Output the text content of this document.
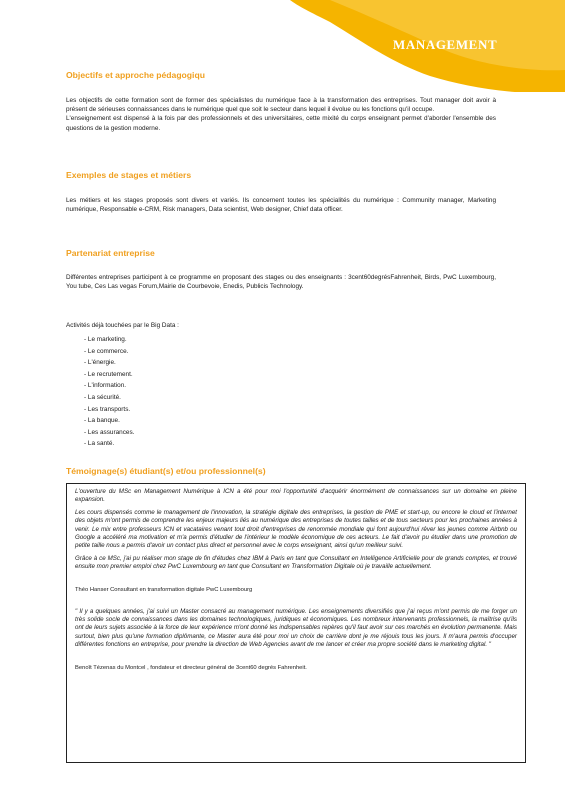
MANAGEMENT
Objectifs et approche pédagogiqu

Les objectifs de cette formation sont de former des spécialistes du numérique face à la transformation des entreprises. Tout manager doit avoir à présent de sérieuses connaissances dans le numérique quel que soit le secteur dans lequel il évolue ou les fonctions qu'il occupe.

L'enseignement est dispensé à la fois par des professionnels et des universitaires, cette mixité du corps enseignant permet d'aborder l'ensemble des questions de la gestion moderne.

Exemples de stages et métiers

Les métiers et les stages proposés sont divers et variés. Ils concernent toutes les spécialités du numérique : Community manager, Marketing numérique, Responsable e-CRM, Risk managers, Data scientist, Web designer, Chief data officer.

Partenariat entreprise

Différentes entreprises participent à ce programme en proposant des stages ou des enseignants : 3cent60degrésFahrenheit, Birds, PwC Luxembourg, You tube, Ces Las vegas Forum,Mairie de Courbevoie, Enedis, Publicis Technology.

Activités déjà touchées par le Big Data :
- Le marketing.
- Le commerce.
- L'énergie.
- Le recrutement.
- L'information.
- La sécurité.
- Les transports.
- La banque.
- Les assurances.
- La santé.
Témoignage(s) étudiant(s) et/ou professionnel(s)

L'ouverture du MSc en Management Numérique à ICN a été pour moi l'opportunité d'acquérir énormément de connaissances sur un domaine en pleine expansion.

Les cours dispensés comme le management de l'innovation, la stratégie digitale des entreprises, la gestion de PME et start-up, ou encore le cloud et l'internet des objets m'ont permis de comprendre les enjeux majeurs liés au numérique des entreprises de toutes tailles et de tous secteurs pour les prochaines années à venir. Le mix entre professeurs ICN et vacataires venant tout droit d'entreprises de renommée mondiale qui font aujourd'hui rêver les jeunes comme Airbnb ou Google a accéléré ma motivation et m'a permis d'étudier de l'intérieur le modèle économique de ces acteurs. Le fait d'avoir pu étudier dans une promotion de petite taille nous a permis d'avoir un contact plus direct et personnel avec le corps enseignant, ainsi qu'un meilleur suivi.

Grâce à ce MSc, j'ai pu réaliser mon stage de fin d'études chez IBM à Paris en tant que Consultant en Intelligence Artificielle pour de grands comptes, et trouvé ensuite mon premier emploi chez PwC Luxembourg en tant que Consultant en Transformation Digitale où je travaille actuellement.

Théo Hanser Consultant en transformation digitale PwC Luxembourg

" Il y a quelques années, j'ai suivi un Master consacré au management numérique. Les enseignements diversifiés que j'ai reçus m'ont permis de me forger un très solide socle de connaissances dans les domaines technologiques, juridiques et économiques. Les nombreux intervenants professionnels, la maîtrise qu'ils ont de leurs sujets associée à la force de leur expérience m'ont donné les indispensables repères qu'il faut avoir sur ces marchés en évolution permanente. Mais surtout, bien plus qu'une formation diplômante, ce Master aura été pour moi un choix de carrière dont je me réjouis tous les jours. Il m'aura permis d'occuper différentes fonctions en entreprise, pour prendre la direction de Web Agencies avant de me lancer et créer ma propre société dans le marketing digital. "

Benoît Tézenas du Montcel , fondateur et directeur général de 3cent60 degrés Fahrenheit.
